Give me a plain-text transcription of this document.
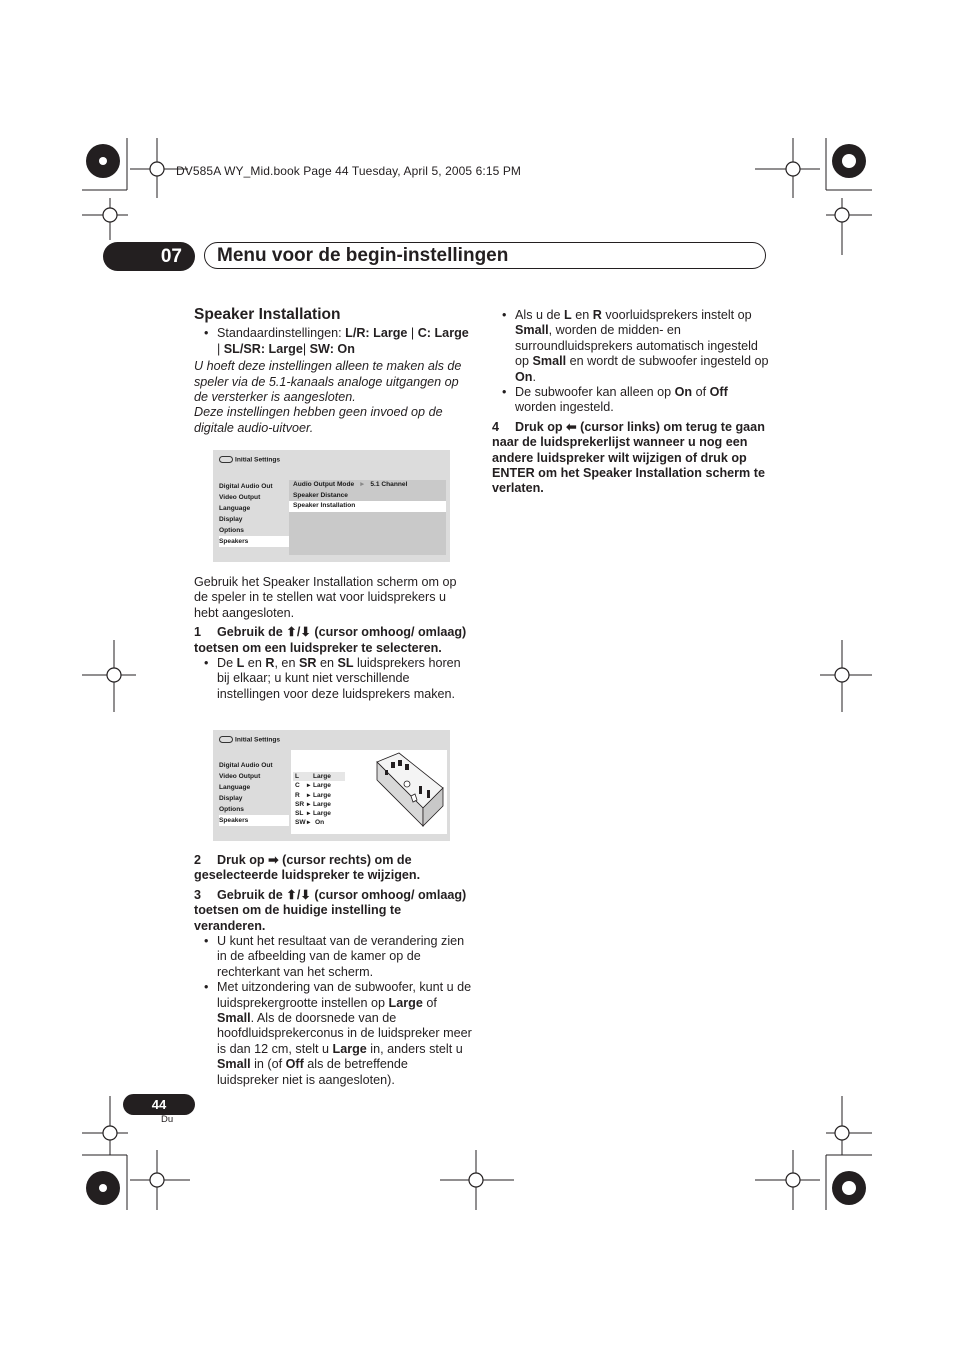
DV585A WY_Mid.book Page 44 Tuesday, April 5, 2005 6:15 PM
07	Menu voor de begin-instellingen
Speaker Installation

• Standaardinstellingen: L/R: Large | C: Large | SL/SR: Large| SW: On

U hoeft deze instellingen alleen te maken als de speler via de 5.1-kanaals analoge uitgangen op de versterker is aangesloten.

Deze instellingen hebben geen invoed op de digitale audio-uitvoer.

Initial Settings
Digital Audio Out
Video Output
Language
Display
Options
Speakers
Audio Output Mode ► 5.1 Channel
Speaker Distance
Speaker Installation

Gebruik het Speaker Installation scherm om op de speler in te stellen wat voor luidsprekers u hebt aangesloten.

1 Gebruik de ⬆/⬇ (cursor omhoog/ omlaag) toetsen om een luidspreker te selecteren.

• De L en R, en SR en SL luidsprekers horen bij elkaar; u kunt niet verschillende instellingen voor deze luidsprekers maken.

Initial Settings
Digital Audio Out
Video Output
Language
Display
Options
Speakers
L Large
C ▸ Large
R ▸ Large
SR ▸ Large
SL ▸ Large
SW▸ On

2 Druk op ➡ (cursor rechts) om de geselecteerde luidspreker te wijzigen.

3 Gebruik de ⬆/⬇ (cursor omhoog/ omlaag) toetsen om de huidige instelling te veranderen.

• U kunt het resultaat van de verandering zien in de afbeelding van de kamer op de rechterkant van het scherm.

• Met uitzondering van de subwoofer, kunt u de luidsprekergrootte instellen op Large of Small. Als de doorsnede van de hoofdluidsprekerconus in de luidspreker meer is dan 12 cm, stelt u Large in, anders stelt u Small in (of Off als de betreffende luidspreker niet is aangesloten).

• Als u de L en R voorluidsprekers instelt op Small, worden de midden- en surroundluidsprekers automatisch ingesteld op Small en wordt de subwoofer ingesteld op On.

• De subwoofer kan alleen op On of Off worden ingesteld.

4 Druk op ⬅ (cursor links) om terug te gaan naar de luidsprekerlijst wanneer u nog een andere luidspreker wilt wijzigen of druk op ENTER om het Speaker Installation scherm te verlaten.

44
Du
